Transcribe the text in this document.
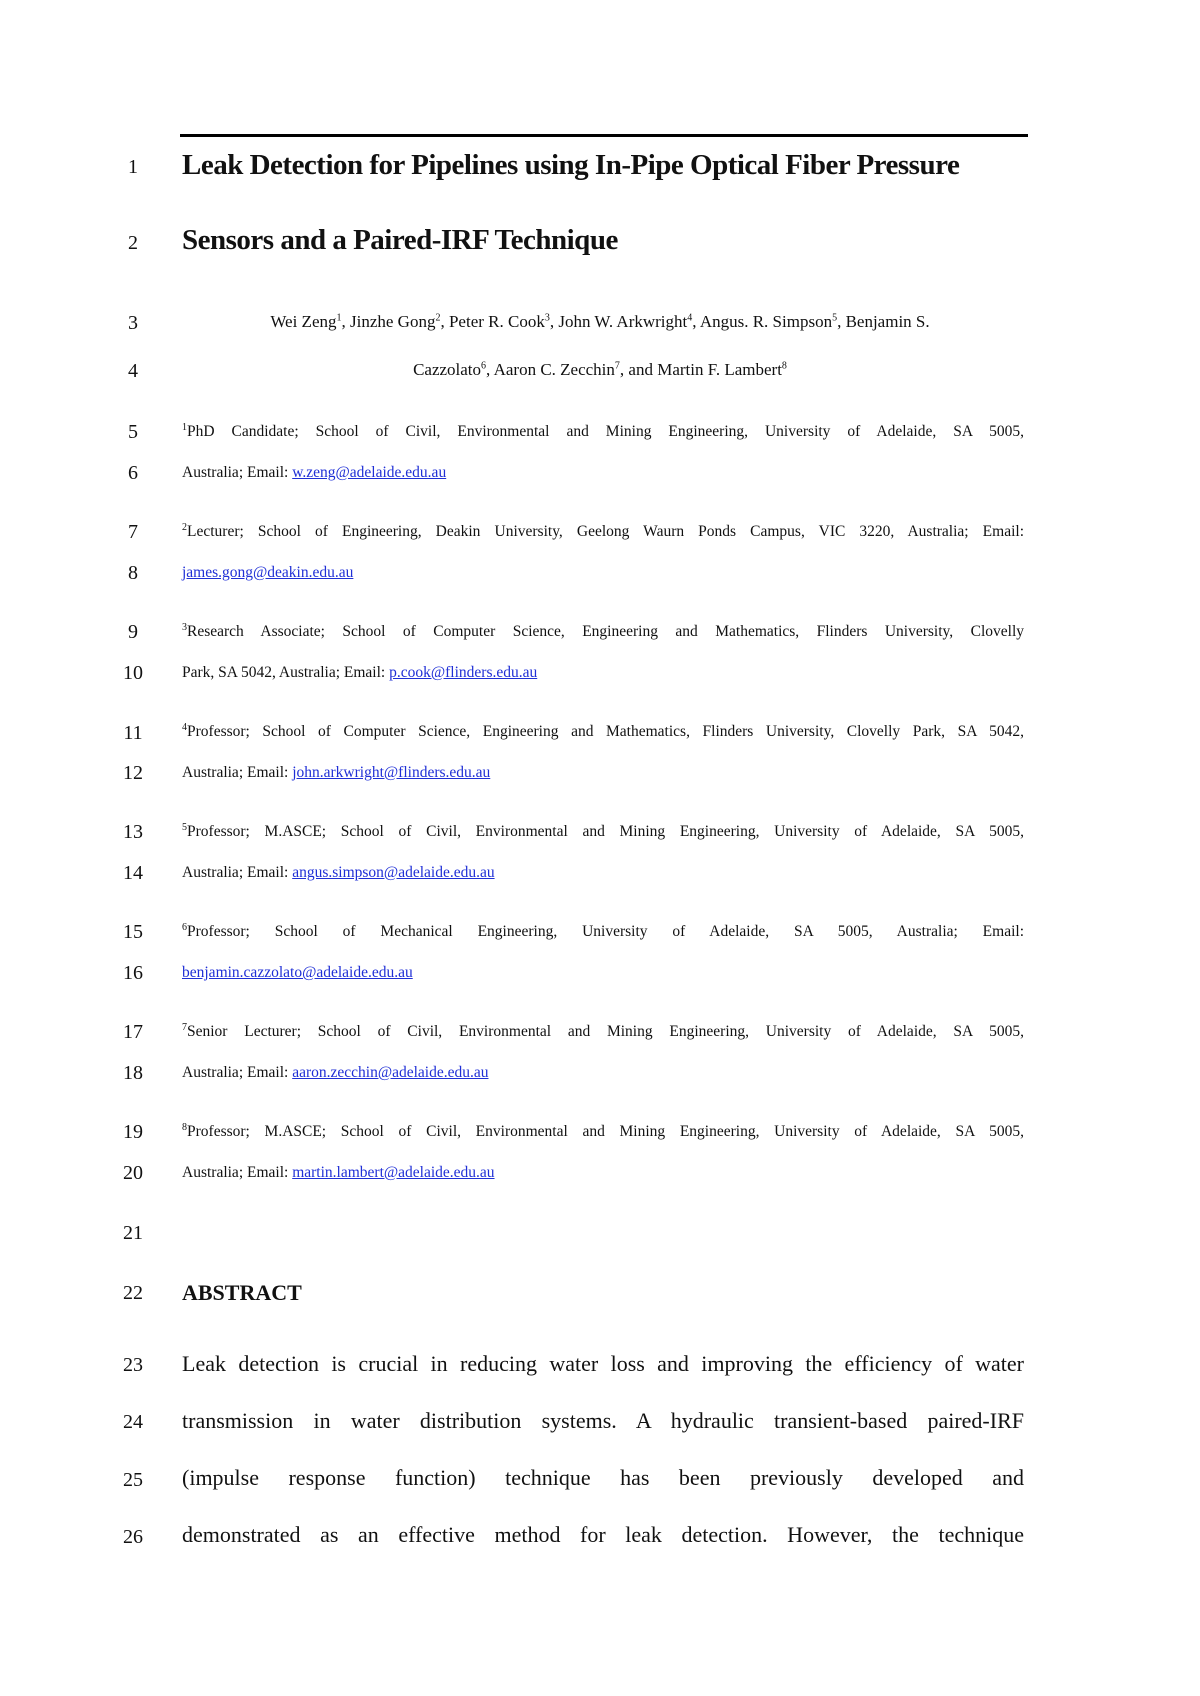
1
2
3
4
5
6
7
8
9
10
11
12
13
14
15
16
17
18
19
20
21
22
23
24
25
26
Leak Detection for Pipelines using In-Pipe Optical Fiber Pressure
Sensors and a Paired-IRF Technique
Wei Zeng$^1$, Jinzhe Gong$^2$, Peter R. Cook$^3$, John W. Arkwright$^4$, Angus. R. Simpson$^5$, Benjamin S.
Cazzolato$^6$, Aaron C. Zecchin$^7$, and Martin F. Lambert$^8$
$^1$PhD Candidate; School of Civil, Environmental and Mining Engineering, University of Adelaide, SA 5005,
Australia; Email: w.zeng@adelaide.edu.au
$^2$Lecturer; School of Engineering, Deakin University, Geelong Waurn Ponds Campus, VIC 3220, Australia; Email:
james.gong@deakin.edu.au
$^3$Research Associate; School of Computer Science, Engineering and Mathematics, Flinders University, Clovelly
Park, SA 5042, Australia; Email: p.cook@flinders.edu.au
$^4$Professor; School of Computer Science, Engineering and Mathematics, Flinders University, Clovelly Park, SA 5042,
Australia; Email: john.arkwright@flinders.edu.au
$^5$Professor; M.ASCE; School of Civil, Environmental and Mining Engineering, University of Adelaide, SA 5005,
Australia; Email: angus.simpson@adelaide.edu.au
$^6$Professor; School of Mechanical Engineering, University of Adelaide, SA 5005, Australia; Email:
benjamin.cazzolato@adelaide.edu.au
$^7$Senior Lecturer; School of Civil, Environmental and Mining Engineering, University of Adelaide, SA 5005,
Australia; Email: aaron.zecchin@adelaide.edu.au
$^8$Professor; M.ASCE; School of Civil, Environmental and Mining Engineering, University of Adelaide, SA 5005,
Australia; Email: martin.lambert@adelaide.edu.au
ABSTRACT
Leak detection is crucial in reducing water loss and improving the efficiency of water
transmission in water distribution systems. A hydraulic transient-based paired-IRF
(impulse response function) technique has been previously developed and
demonstrated as an effective method for leak detection. However, the technique
